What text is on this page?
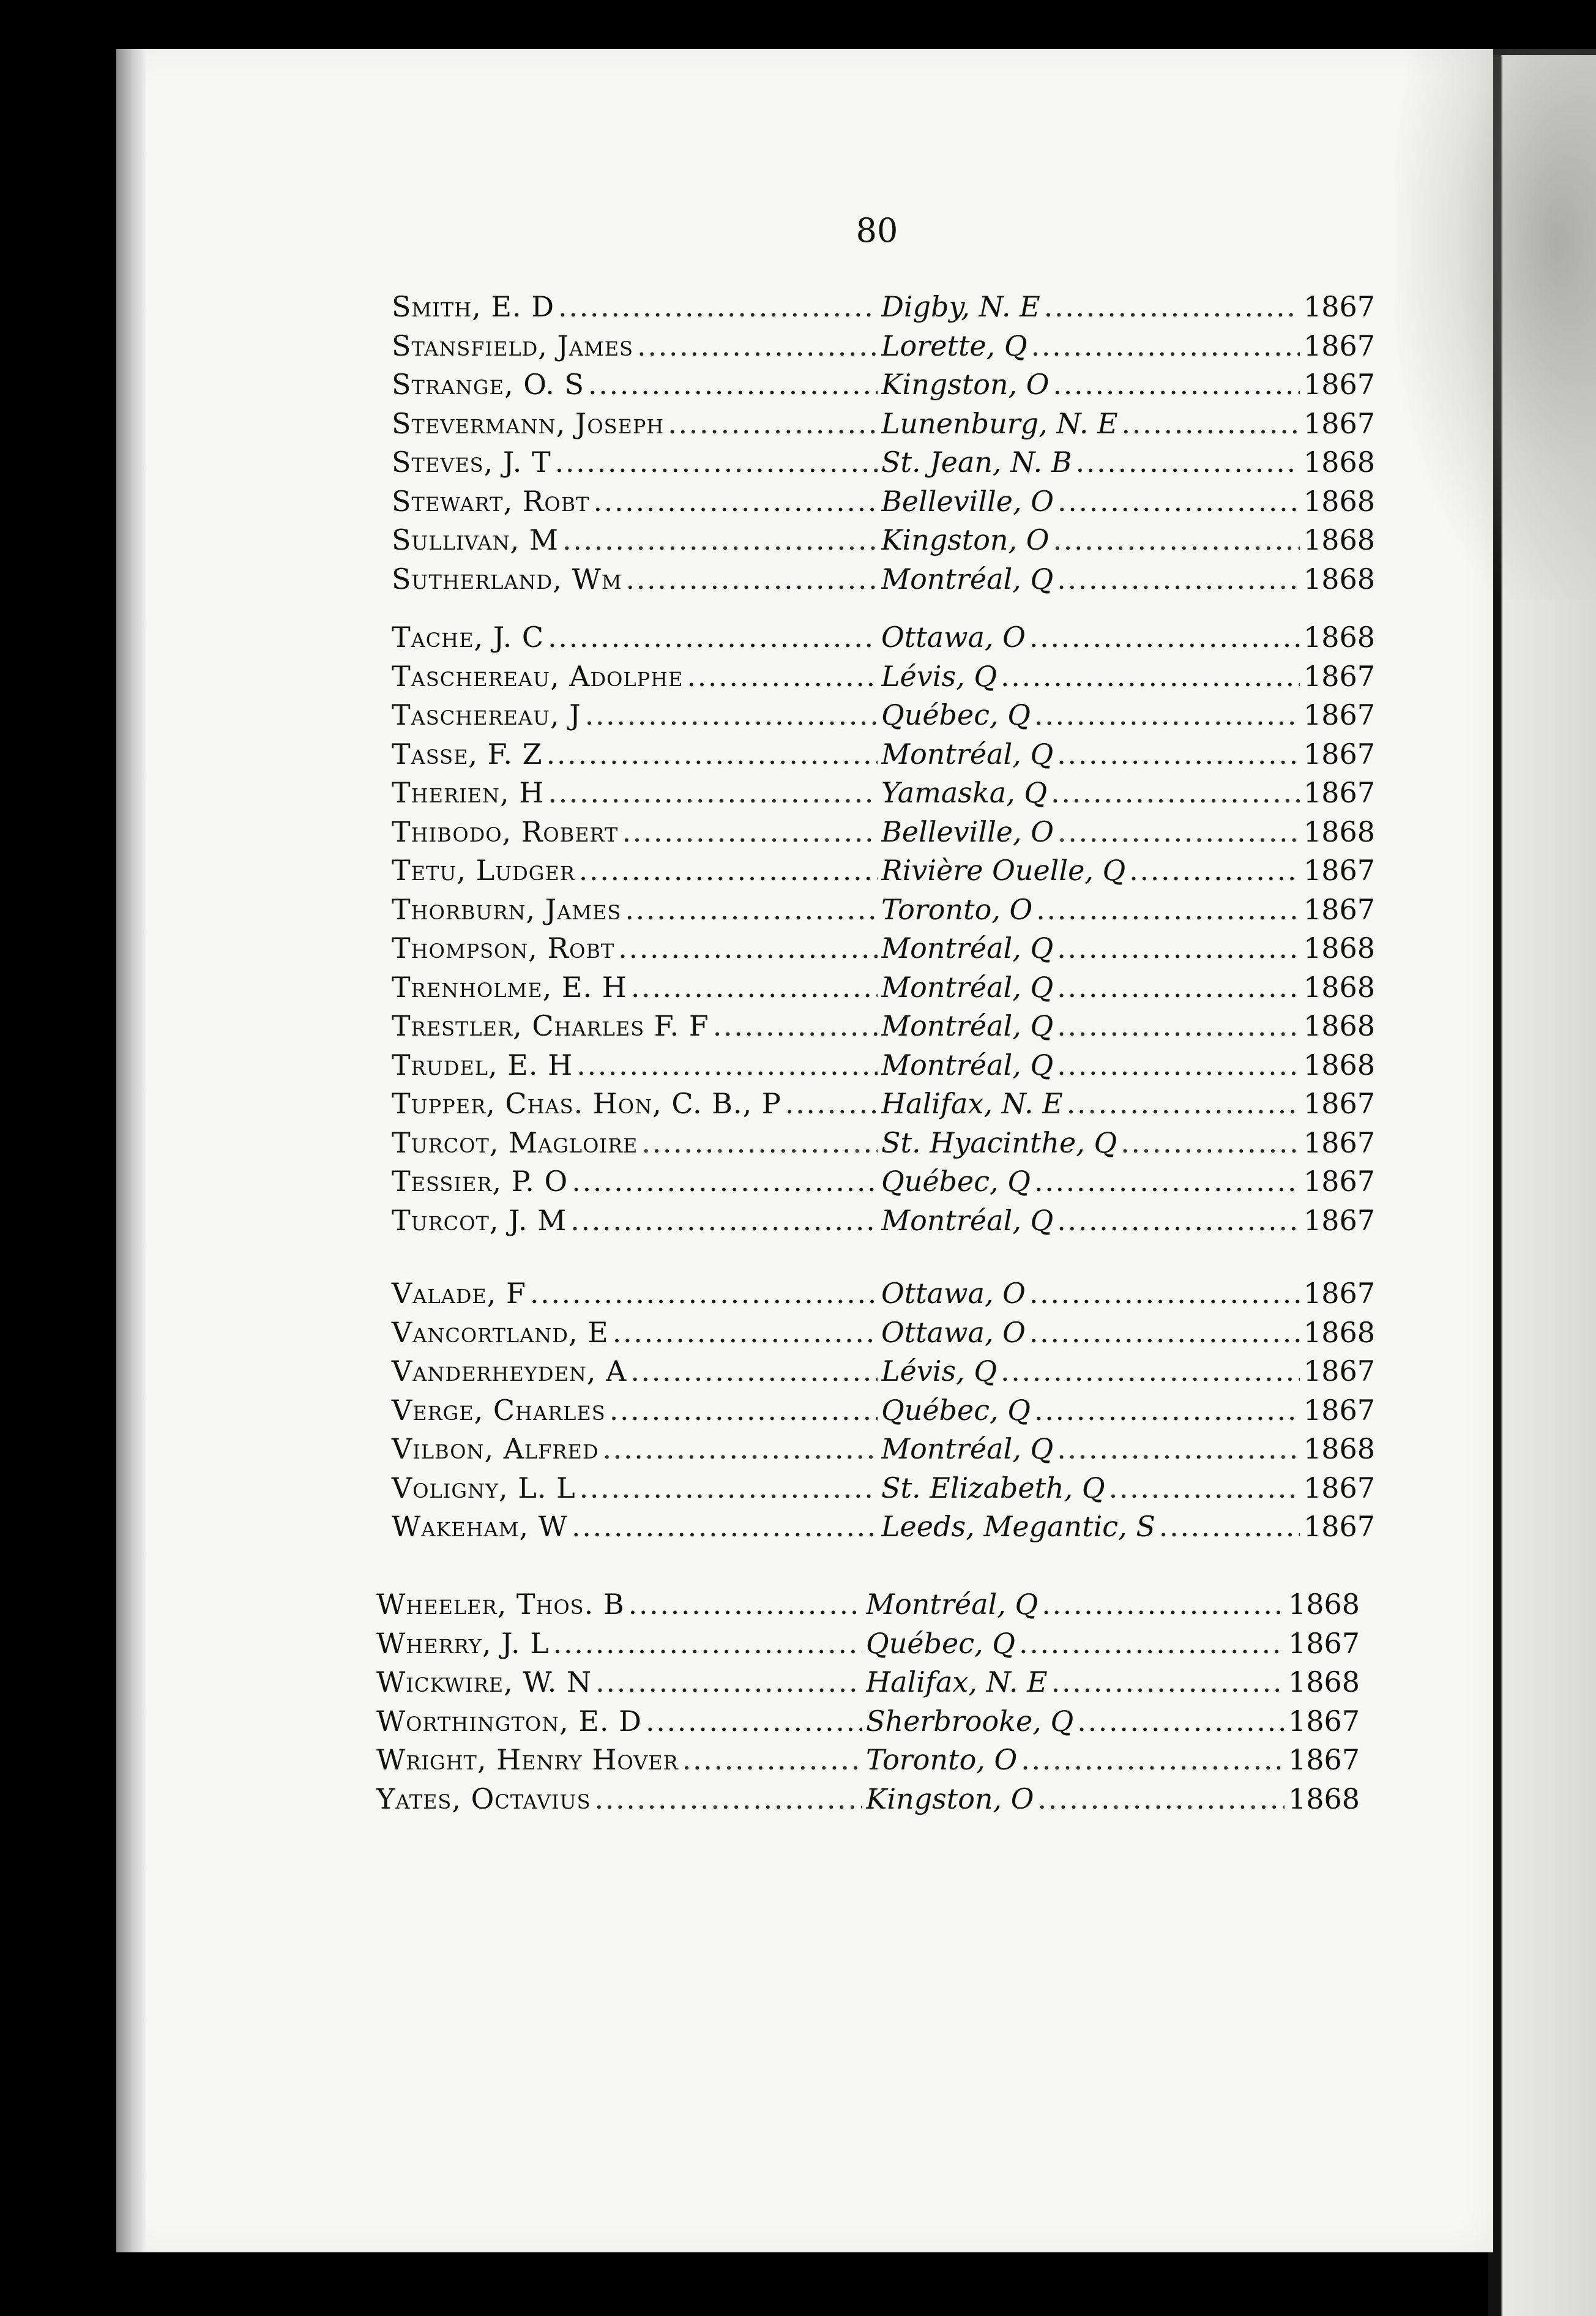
80
Smith, E. D . . .	Digby, N. E . . .	1867
Stansfield, James . . .	Lorette, Q . . .	1867
Strange, O. S . . .	Kingston, O . . .	1867
Stevermann, Joseph . . .	Lunenburg, N. E . . .	1867
Steves, J. T . . .	St. Jean, N. B . . .	1868
Stewart, Robt . . .	Belleville, O . . .	1868
Sullivan, M . . .	Kingston, O . . .	1868
Sutherland, Wm . . .	Montréal, Q . . .	1868
Tache, J. C . . .	Ottawa, O . . .	1868
Taschereau, Adolphe . . .	Lévis, Q . . .	1867
Taschereau, J . . .	Québec, Q . . .	1867
Tasse, F. Z . . .	Montréal, Q . . .	1867
Therien, H . . .	Yamaska, Q . . .	1867
Thibodo, Robert . . .	Belleville, O . . .	1868
Tetu, Ludger . . .	Rivière Ouelle, Q . . .	1867
Thorburn, James . . .	Toronto, O . . .	1867
Thompson, Robt . . .	Montréal, Q . . .	1868
Trenholme, E. H . . .	Montréal, Q . . .	1868
Trestler, Charles F. F . . .	Montréal, Q . . .	1868
Trudel, E. H . . .	Montréal, Q . . .	1868
Tupper, Chas. Hon, C. B., P . . .	Halifax, N. E . . .	1867
Turcot, Magloire . . .	St. Hyacinthe, Q . . .	1867
Tessier, P. O . . .	Québec, Q . . .	1867
Turcot, J. M . . .	Montréal, Q . . .	1867
Valade, F . . .	Ottawa, O . . .	1867
Vancortland, E . . .	Ottawa, O . . .	1868
Vanderheyden, A . . .	Lévis, Q . . .	1867
Verge, Charles . . .	Québec, Q . . .	1867
Vilbon, Alfred . . .	Montréal, Q . . .	1868
Voligny, L. L . . .	St. Elizabeth, Q . . .	1867
Wakeham, W . . .	Leeds, Megantic, S . . .	1867
Wheeler, Thos. B . . .	Montréal, Q . . .	1868
Wherry, J. L . . .	Québec, Q . . .	1867
Wickwire, W. N . . .	Halifax, N. E . . .	1868
Worthington, E. D . . .	Sherbrooke, Q . . .	1867
Wright, Henry Hover . . .	Toronto, O . . .	1867
Yates, Octavius . . .	Kingston, O . . .	1868
